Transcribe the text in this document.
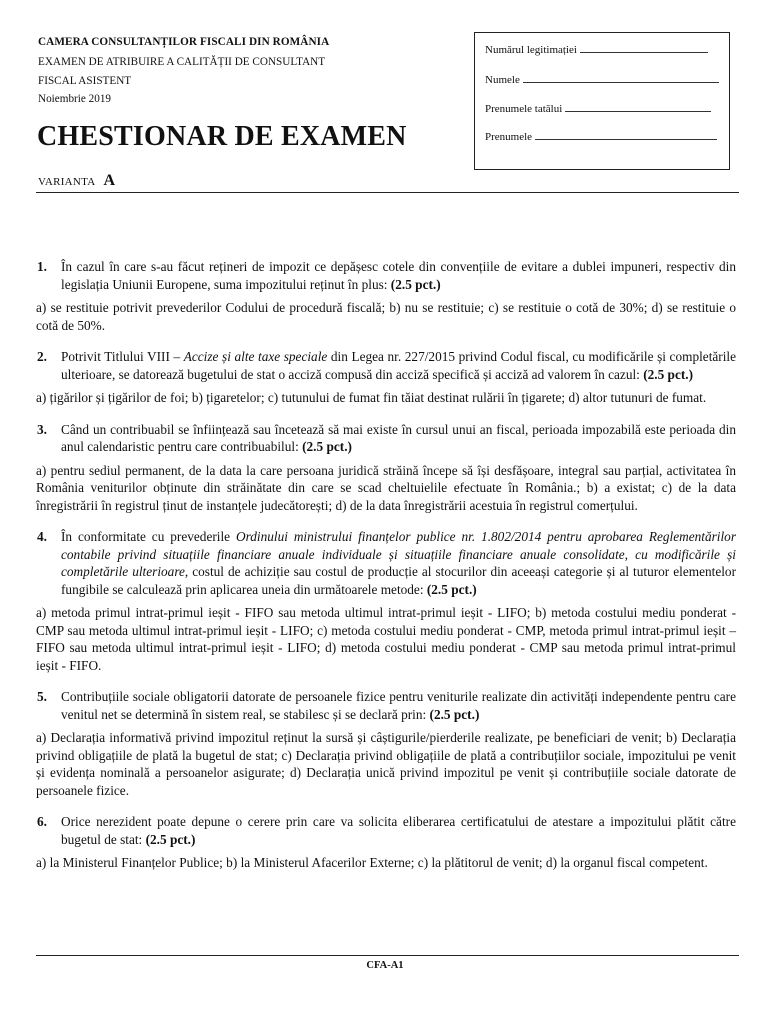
CAMERA CONSULTANȚILOR FISCALI DIN ROMÂNIA
EXAMEN DE ATRIBUIRE A CALITĂȚII DE CONSULTANT
FISCAL ASISTENT
Noiembrie 2019
CHESTIONAR DE EXAMEN
VARIANTA A
Numărul legitimației
Numele
Prenumele tatălui
Prenumele
1. În cazul în care s-au făcut rețineri de impozit ce depășesc cotele din convențiile de evitare a dublei impuneri, respectiv din legislația Uniunii Europene, suma impozitului reținut în plus: (2.5 pct.)
a) se restituie potrivit prevederilor Codului de procedură fiscală; b) nu se restituie; c) se restituie o cotă de 30%; d) se restituie o cotă de 50%.
2. Potrivit Titlului VIII – Accize și alte taxe speciale din Legea nr. 227/2015 privind Codul fiscal, cu modificările și completările ulterioare, se datorează bugetului de stat o acciză compusă din acciză specifică și acciză ad valorem în cazul: (2.5 pct.)
a) țigărilor și țigărilor de foi; b) țigaretelor; c) tutunului de fumat fin tăiat destinat rulării în țigarete; d) altor tutunuri de fumat.
3. Când un contribuabil se înființează sau încetează să mai existe în cursul unui an fiscal, perioada impozabilă este perioada din anul calendaristic pentru care contribuabilul: (2.5 pct.)
a) pentru sediul permanent, de la data la care persoana juridică străină începe să își desfășoare, integral sau parțial, activitatea în România veniturilor obținute din străinătate din care se scad cheltuielile efectuate în România.; b) a existat; c) de la data înregistrării în registrul ținut de instanțele judecătorești; d) de la data înregistrării acestuia în registrul comerțului.
4. În conformitate cu prevederile Ordinului ministrului finanțelor publice nr. 1.802/2014 pentru aprobarea Reglementărilor contabile privind situațiile financiare anuale individuale și situațiile financiare anuale consolidate, cu modificările și completările ulterioare, costul de achiziție sau costul de producție al stocurilor din aceeași categorie și al tuturor elementelor fungibile se calculează prin aplicarea uneia din următoarele metode: (2.5 pct.)
a) metoda primul intrat-primul ieșit - FIFO sau metoda ultimul intrat-primul ieșit - LIFO; b) metoda costului mediu ponderat - CMP sau metoda ultimul intrat-primul ieșit - LIFO; c) metoda costului mediu ponderat - CMP, metoda primul intrat-primul ieșit – FIFO sau metoda ultimul intrat-primul ieșit - LIFO; d) metoda costului mediu ponderat - CMP sau metoda primul intrat-primul ieșit - FIFO.
5. Contribuțiile sociale obligatorii datorate de persoanele fizice pentru veniturile realizate din activități independente pentru care venitul net se determină în sistem real, se stabilesc și se declară prin: (2.5 pct.)
a) Declarația informativă privind impozitul reținut la sursă și câștigurile/pierderile realizate, pe beneficiari de venit; b) Declarația privind obligațiile de plată la bugetul de stat; c) Declarația privind obligațiile de plată a contribuțiilor sociale, impozitului pe venit și evidența nominală a persoanelor asigurate; d) Declarația unică privind impozitul pe venit și contribuțiile sociale datorate de persoanele fizice.
6. Orice nerezident poate depune o cerere prin care va solicita eliberarea certificatului de atestare a impozitului plătit către bugetul de stat: (2.5 pct.)
a) la Ministerul Finanțelor Publice; b) la Ministerul Afacerilor Externe; c) la plătitorul de venit; d) la organul fiscal competent.
CFA-A1
